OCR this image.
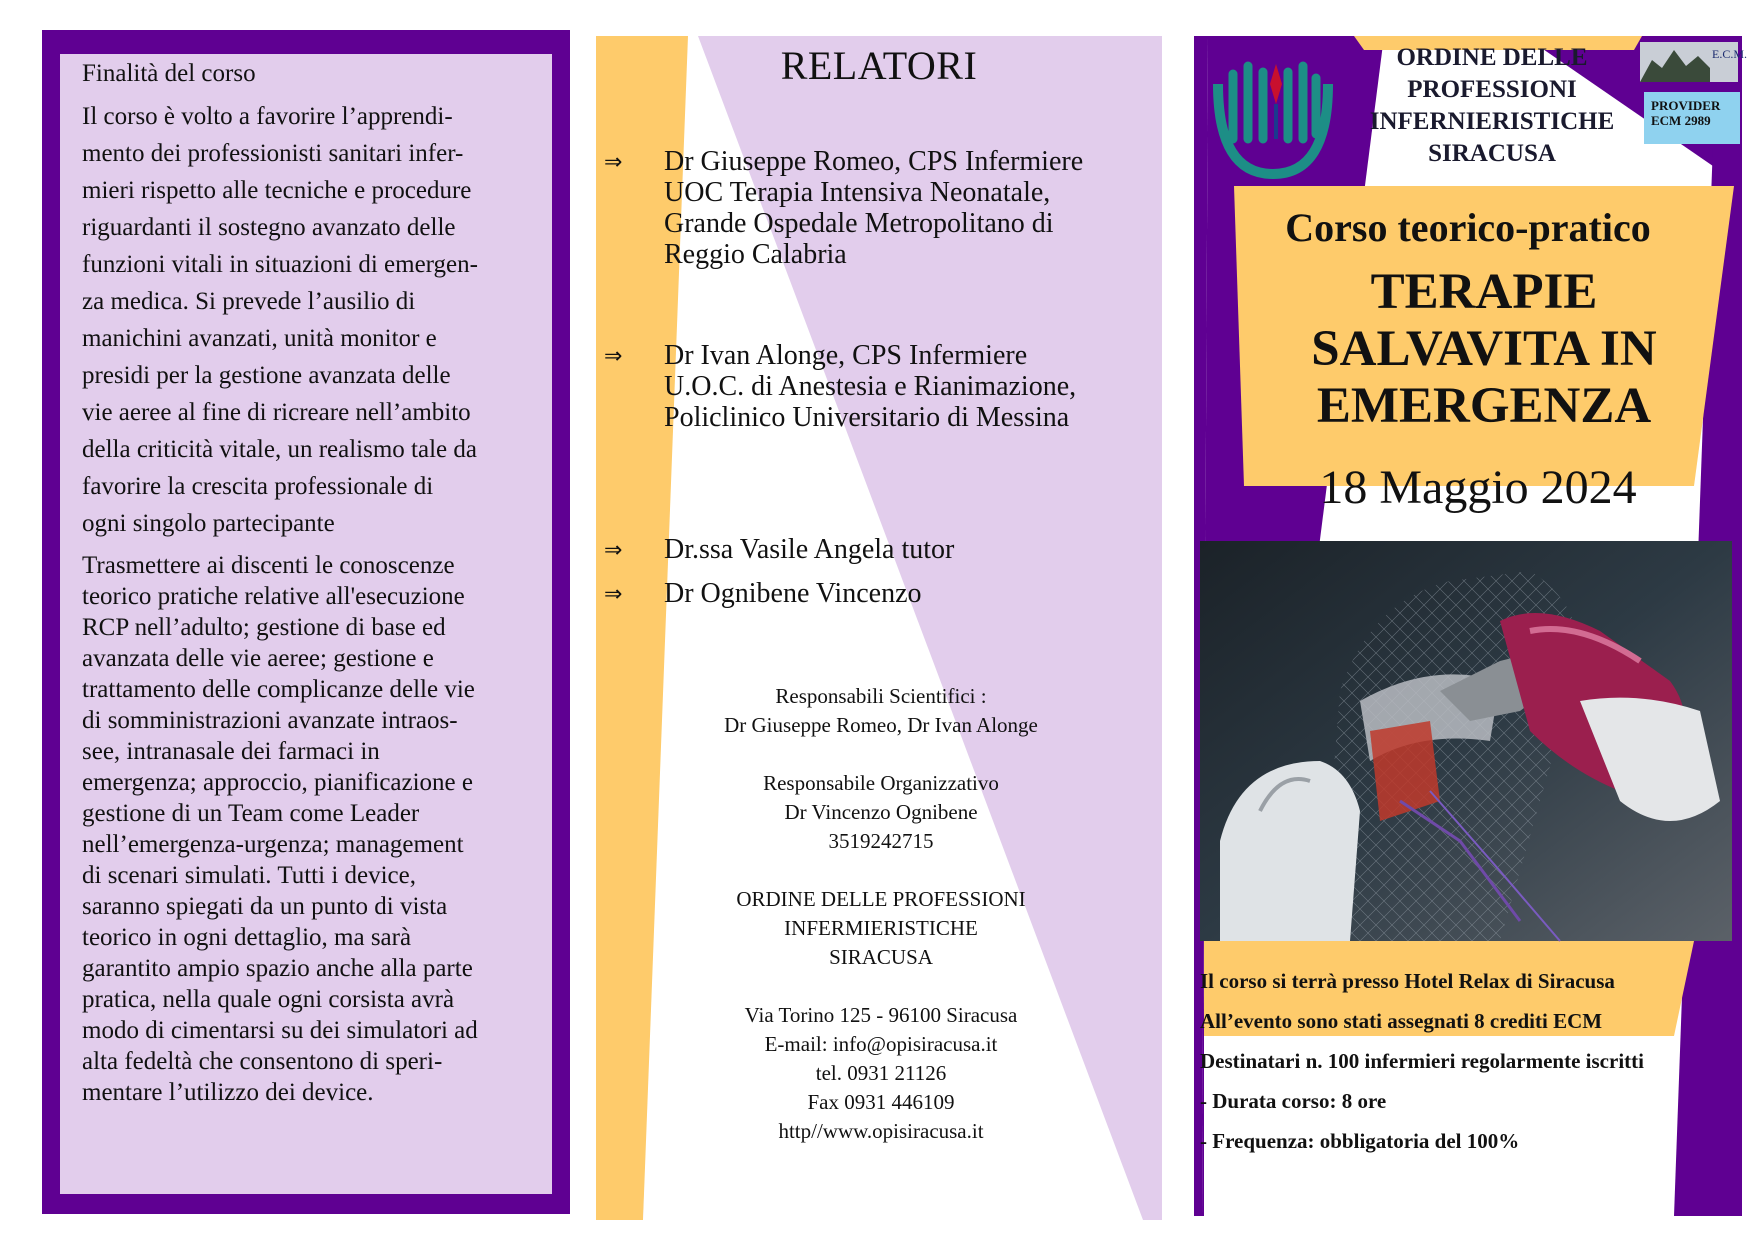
Finalità del corso
Il corso è volto a favorire l’apprendi-
mento dei professionisti sanitari infer-
mieri rispetto alle tecniche e procedure
riguardanti il sostegno avanzato delle
funzioni vitali in situazioni di emergen-
za medica. Si prevede l’ausilio di
manichini avanzati, unità monitor e
presidi per la gestione avanzata delle
vie aeree al fine di ricreare nell’ambito
della criticità vitale, un realismo tale da
favorire la crescita professionale di
ogni singolo partecipante
Trasmettere ai discenti le conoscenze
teorico pratiche relative all'esecuzione
RCP nell’adulto; gestione di base ed
avanzata delle vie aeree; gestione e
trattamento delle complicanze delle vie
di somministrazioni avanzate intraos-
see, intranasale dei farmaci in
emergenza; approccio, pianificazione e
gestione di un Team come Leader
nell’emergenza-urgenza; management
di scenari simulati. Tutti i device,
saranno spiegati da un punto di vista
teorico in ogni dettaglio, ma sarà
garantito ampio spazio anche alla parte
pratica, nella quale ogni corsista avrà
modo di cimentarsi su dei simulatori ad
alta fedeltà che consentono di speri-
mentare l’utilizzo dei device.
RELATORI
⇒ Dr Giuseppe Romeo, CPS Infermiere
UOC Terapia Intensiva Neonatale,
Grande Ospedale Metropolitano di
Reggio Calabria
⇒ Dr Ivan Alonge, CPS Infermiere
U.O.C. di Anestesia e Rianimazione,
Policlinico Universitario di Messina
⇒ Dr.ssa Vasile Angela tutor
⇒ Dr Ognibene Vincenzo
Responsabili Scientifici :
Dr Giuseppe Romeo, Dr Ivan Alonge
Responsabile Organizzativo
Dr Vincenzo Ognibene
3519242715
ORDINE DELLE PROFESSIONI
INFERMIERISTICHE
SIRACUSA
Via Torino 125 - 96100 Siracusa
E-mail: info@opisiracusa.it
tel. 0931 21126
Fax 0931 446109
http//www.opisiracusa.it
ORDINE DELLE
PROFESSIONI
INFERNIERISTICHE
SIRACUSA
E.C.M.
PROVIDER
ECM 2989
Corso teorico-pratico
TERAPIE
SALVAVITA IN
EMERGENZA
18 Maggio 2024
Il corso si terrà presso Hotel Relax di Siracusa
All’evento sono stati assegnati 8 crediti ECM
Destinatari n. 100 infermieri regolarmente iscritti
- Durata corso: 8 ore
- Frequenza: obbligatoria del 100%
